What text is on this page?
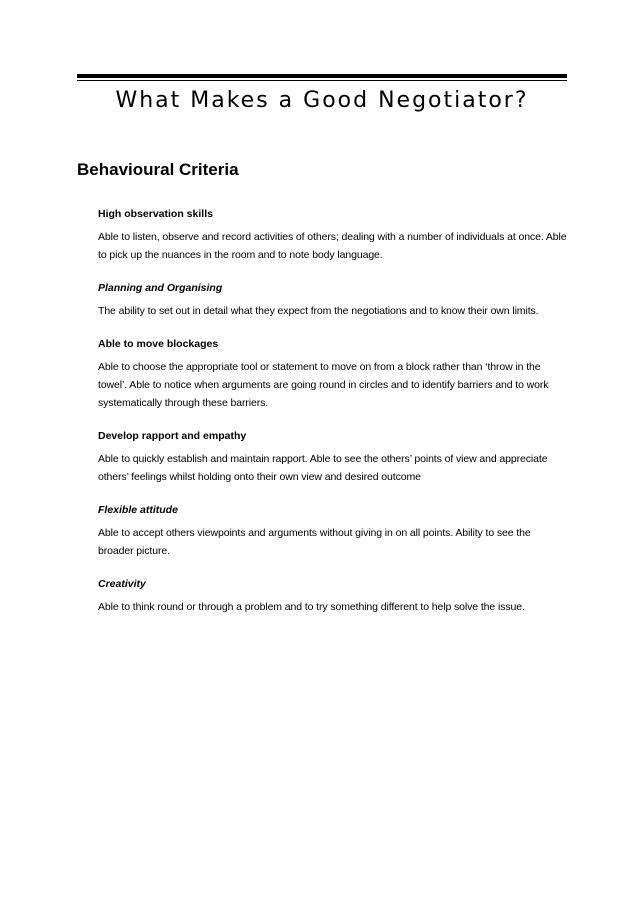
What Makes a Good Negotiator?
Behavioural Criteria

High observation skills

Able to listen, observe and record activities of others; dealing with a number of individuals at once. Able to pick up the nuances in the room and to note body language.

Planning and Organising

The ability to set out in detail what they expect from the negotiations and to know their own limits.

Able to move blockages

Able to choose the appropriate tool or statement to move on from a block rather than ‘throw in the towel’. Able to notice when arguments are going round in circles and to identify barriers and to work systematically through these barriers.

Develop rapport and empathy

Able to quickly establish and maintain rapport. Able to see the others’ points of view and appreciate others’ feelings whilst holding onto their own view and desired outcome

Flexible attitude

Able to accept others viewpoints and arguments without giving in on all points. Ability to see the broader picture.

Creativity

Able to think round or through a problem and to try something different to help solve the issue.
